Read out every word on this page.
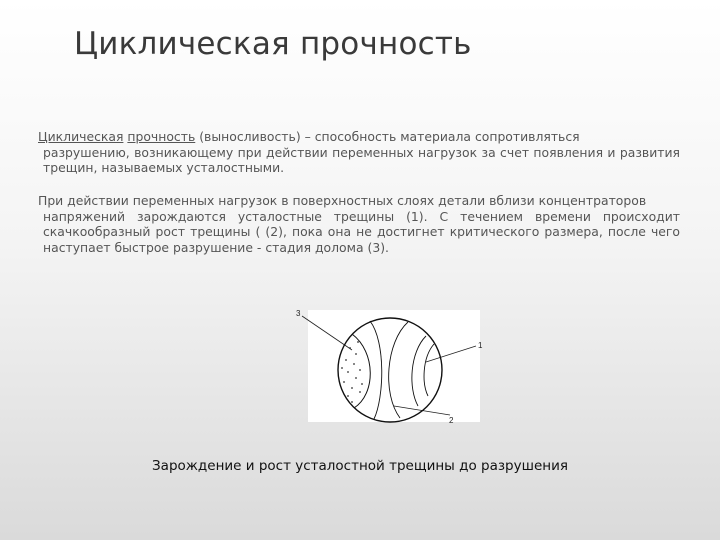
Циклическая прочность
Циклическая прочность (выносливость) – способность материала сопротивляться
разрушению, возникающему при действии переменных нагрузок за счет появления и развития трещин, называемых усталостными.
При действии переменных нагрузок в поверхностных слоях детали вблизи концентраторов
напряжений зарождаются усталостные трещины (1). С течением времени происходит скачкообразный рост трещины ( (2), пока она не достигнет критического размера, после чего наступает быстрое разрушение - стадия долома (3).
3
1
2
Зарождение и рост усталостной трещины до разрушения
